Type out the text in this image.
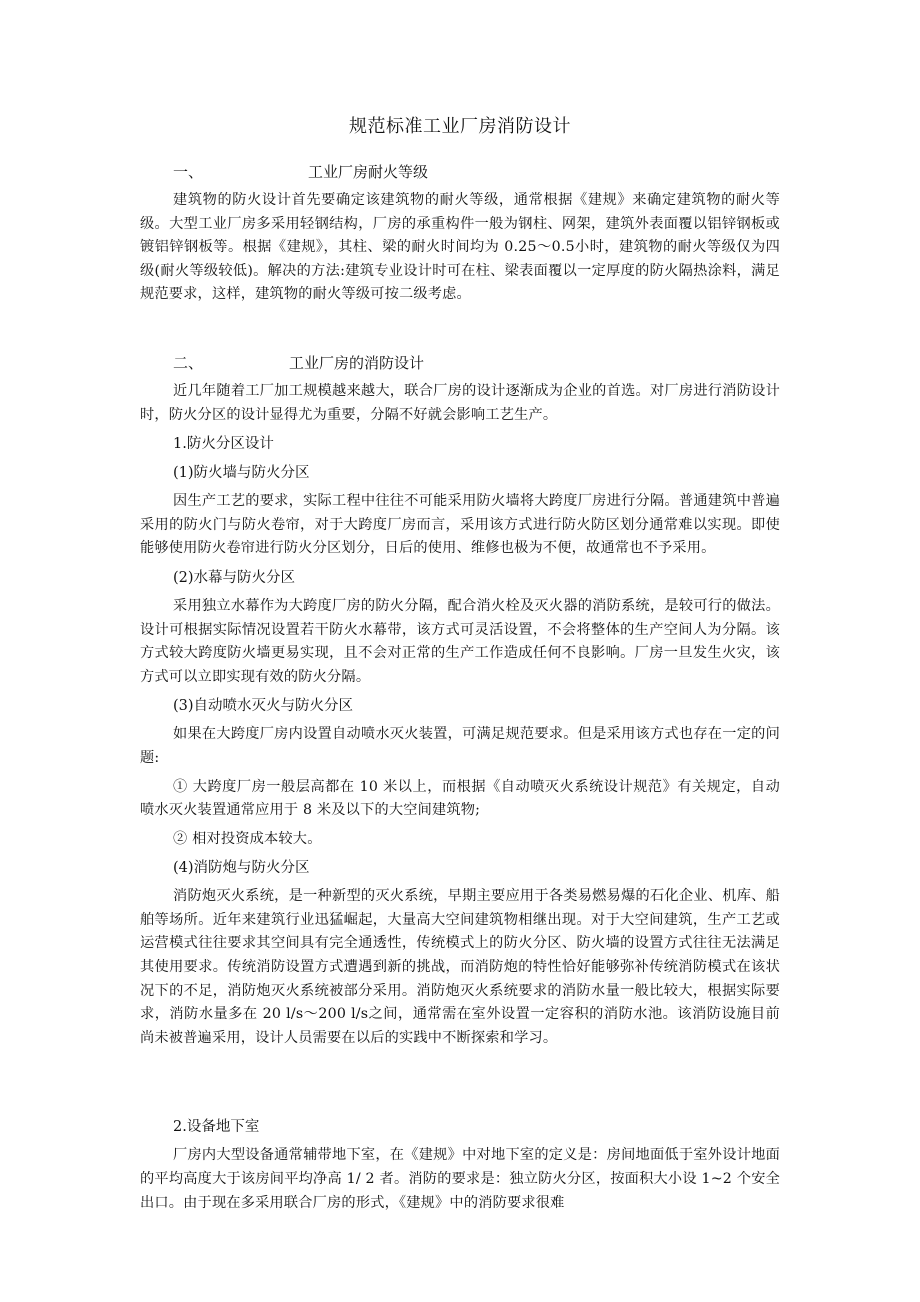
规范标准工业厂房消防设计
一、	工业厂房耐火等级

建筑物的防火设计首先要确定该建筑物的耐火等级，通常根据《建规》来确定建筑物的耐火等级。大型工业厂房多采用轻钢结构，厂房的承重构件一般为钢柱、网架，建筑外表面覆以铝锌钢板或镀铝锌钢板等。根据《建规》，其柱、梁的耐火时间均为 0.25～0.5小时，建筑物的耐火等级仅为四级(耐火等级较低)。解决的方法:建筑专业设计时可在柱、梁表面覆以一定厚度的防火隔热涂料，满足规范要求，这样，建筑物的耐火等级可按二级考虑。

二、	工业厂房的消防设计

近几年随着工厂加工规模越来越大，联合厂房的设计逐渐成为企业的首选。对厂房进行消防设计时，防火分区的设计显得尤为重要，分隔不好就会影响工艺生产。

1.防火分区设计
(1)防火墙与防火分区

因生产工艺的要求，实际工程中往往不可能采用防火墙将大跨度厂房进行分隔。普通建筑中普遍采用的防火门与防火卷帘，对于大跨度厂房而言，采用该方式进行防火防区划分通常难以实现。即使能够使用防火卷帘进行防火分区划分，日后的使用、维修也极为不便，故通常也不予采用。

(2)水幕与防火分区

采用独立水幕作为大跨度厂房的防火分隔，配合消火栓及灭火器的消防系统，是较可行的做法。设计可根据实际情况设置若干防火水幕带，该方式可灵活设置，不会将整体的生产空间人为分隔。该方式较大跨度防火墙更易实现，且不会对正常的生产工作造成任何不良影响。厂房一旦发生火灾，该方式可以立即实现有效的防火分隔。

(3)自动喷水灭火与防火分区

如果在大跨度厂房内设置自动喷水灭火装置，可满足规范要求。但是采用该方式也存在一定的问题:

① 大跨度厂房一般层高都在 10 米以上，而根据《自动喷灭火系统设计规范》有关规定，自动喷水灭火装置通常应用于 8 米及以下的大空间建筑物;

② 相对投资成本较大。

(4)消防炮与防火分区

消防炮灭火系统，是一种新型的灭火系统，早期主要应用于各类易燃易爆的石化企业、机库、船舶等场所。近年来建筑行业迅猛崛起，大量高大空间建筑物相继出现。对于大空间建筑，生产工艺或运营模式往往要求其空间具有完全通透性，传统模式上的防火分区、防火墙的设置方式往往无法满足其使用要求。传统消防设置方式遭遇到新的挑战，而消防炮的特性恰好能够弥补传统消防模式在该状况下的不足，消防炮灭火系统被部分采用。消防炮灭火系统要求的消防水量一般比较大，根据实际要求，消防水量多在 20 l/s～200 l/s之间，通常需在室外设置一定容积的消防水池。该消防设施目前尚未被普遍采用，设计人员需要在以后的实践中不断探索和学习。

2.设备地下室

厂房内大型设备通常辅带地下室，在《建规》中对地下室的定义是：房间地面低于室外设计地面的平均高度大于该房间平均净高 1/ 2 者。消防的要求是：独立防火分区，按面积大小设 1~2 个安全出口。由于现在多采用联合厂房的形式，《建规》中的消防要求很难
